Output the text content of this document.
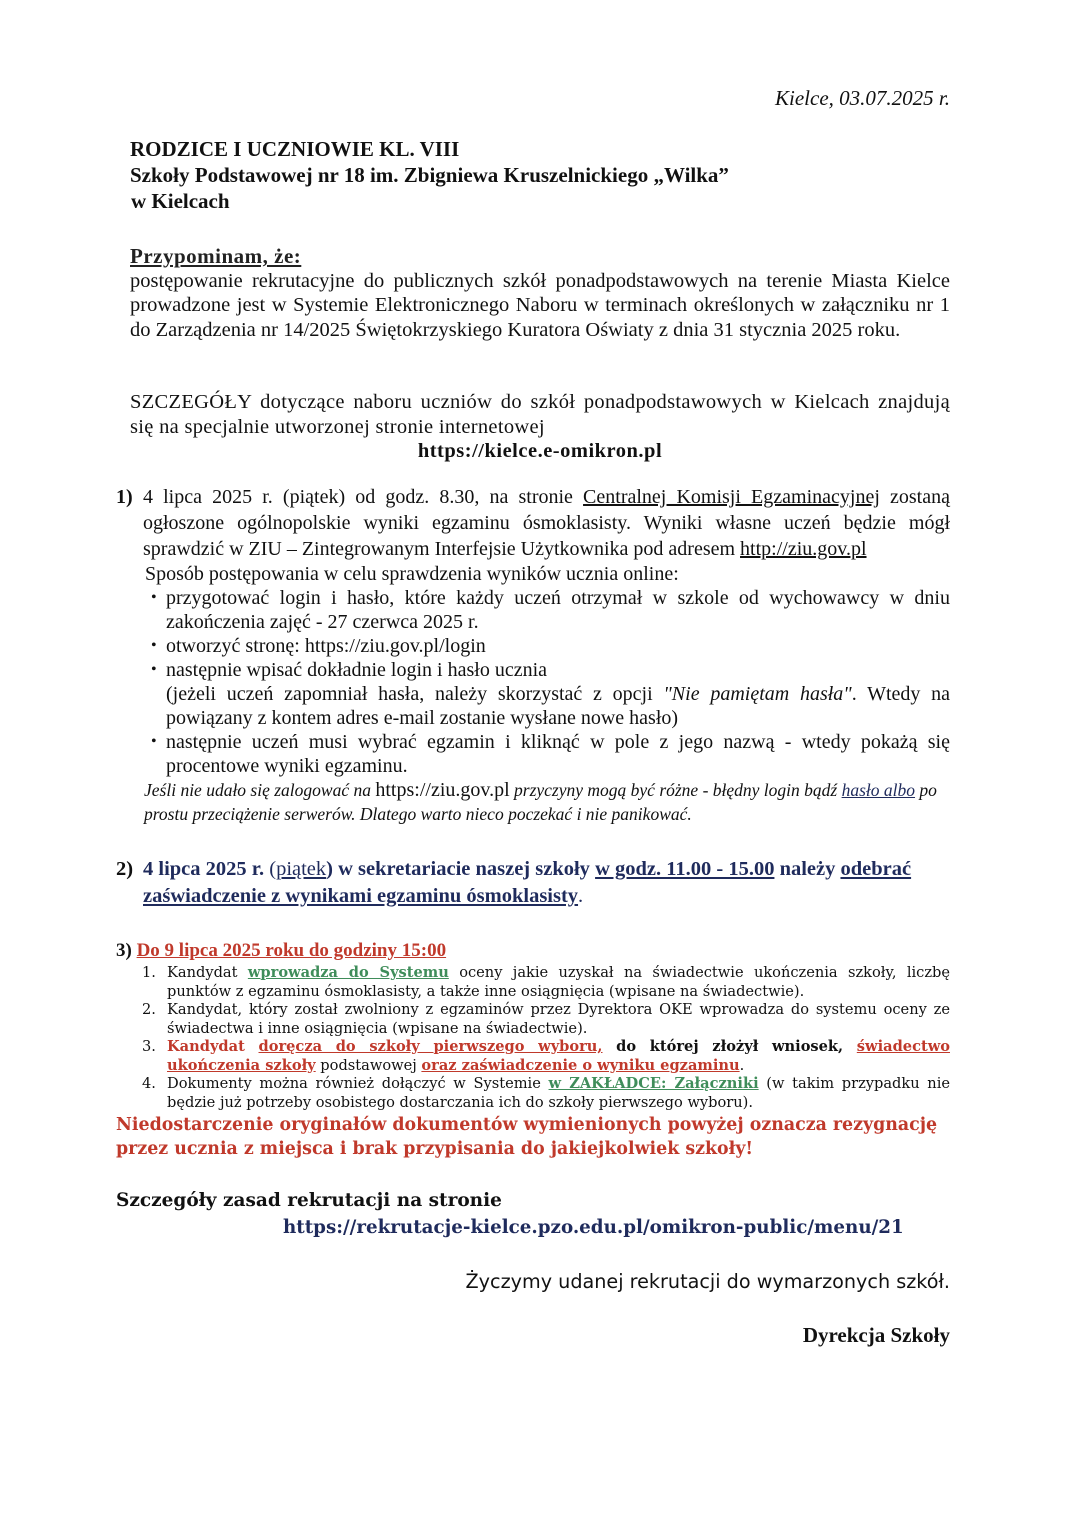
Kielce, 03.07.2025 r.
RODZICE I UCZNIOWIE KL. VIII
Szkoły Podstawowej nr 18 im. Zbigniewa Kruszelnickiego „Wilka”
w Kielcach
Przypominam, że:
postępowanie rekrutacyjne do publicznych szkół ponadpodstawowych na terenie Miasta Kielce prowadzone jest w Systemie Elektronicznego Naboru w terminach określonych w załączniku nr 1 do Zarządzenia nr 14/2025 Świętokrzyskiego Kuratora Oświaty z dnia 31 stycznia 2025 roku.
SZCZEGÓŁY dotyczące naboru uczniów do szkół ponadpodstawowych w Kielcach znajdują się na specjalnie utworzonej stronie internetowej
https://kielce.e-omikron.pl
1) 4 lipca 2025 r. (piątek) od godz. 8.30, na stronie Centralnej Komisji Egzaminacyjnej zostaną ogłoszone ogólnopolskie wyniki egzaminu ósmoklasisty. Wyniki własne uczeń będzie mógł sprawdzić w ZIU – Zintegrowanym Interfejsie Użytkownika pod adresem http://ziu.gov.pl
Sposób postępowania w celu sprawdzenia wyników ucznia online:
• przygotować login i hasło, które każdy uczeń otrzymał w szkole od wychowawcy w dniu zakończenia zajęć - 27 czerwca 2025 r.
• otworzyć stronę: https://ziu.gov.pl/login
• następnie wpisać dokładnie login i hasło ucznia
(jeżeli uczeń zapomniał hasła, należy skorzystać z opcji "Nie pamiętam hasła". Wtedy na powiązany z kontem adres e-mail zostanie wysłane nowe hasło)
• następnie uczeń musi wybrać egzamin i kliknąć w pole z jego nazwą - wtedy pokażą się procentowe wyniki egzaminu.
Jeśli nie udało się zalogować na https://ziu.gov.pl przyczyny mogą być różne - błędny login bądź hasło albo po prostu przeciążenie serwerów. Dlatego warto nieco poczekać i nie panikować.
2) 4 lipca 2025 r. (piątek) w sekretariacie naszej szkoły w godz. 11.00 - 15.00 należy odebrać zaświadczenie z wynikami egzaminu ósmoklasisty.
3) Do 9 lipca 2025 roku do godziny 15:00
1. Kandydat wprowadza do Systemu oceny jakie uzyskał na świadectwie ukończenia szkoły, liczbę punktów z egzaminu ósmoklasisty, a także inne osiągnięcia (wpisane na świadectwie).
2. Kandydat, który został zwolniony z egzaminów przez Dyrektora OKE wprowadza do systemu oceny ze świadectwa i inne osiągnięcia (wpisane na świadectwie).
3. Kandydat doręcza do szkoły pierwszego wyboru, do której złożył wniosek, świadectwo ukończenia szkoły podstawowej oraz zaświadczenie o wyniku egzaminu.
4. Dokumenty można również dołączyć w Systemie w ZAKŁADCE: Załączniki (w takim przypadku nie będzie już potrzeby osobistego dostarczania ich do szkoły pierwszego wyboru).
Niedostarczenie oryginałów dokumentów wymienionych powyżej oznacza rezygnację przez ucznia z miejsca i brak przypisania do jakiejkolwiek szkoły!
Szczegóły zasad rekrutacji na stronie
https://rekrutacje-kielce.pzo.edu.pl/omikron-public/menu/21
Życzymy udanej rekrutacji do wymarzonych szkół.
Dyrekcja Szkoły
